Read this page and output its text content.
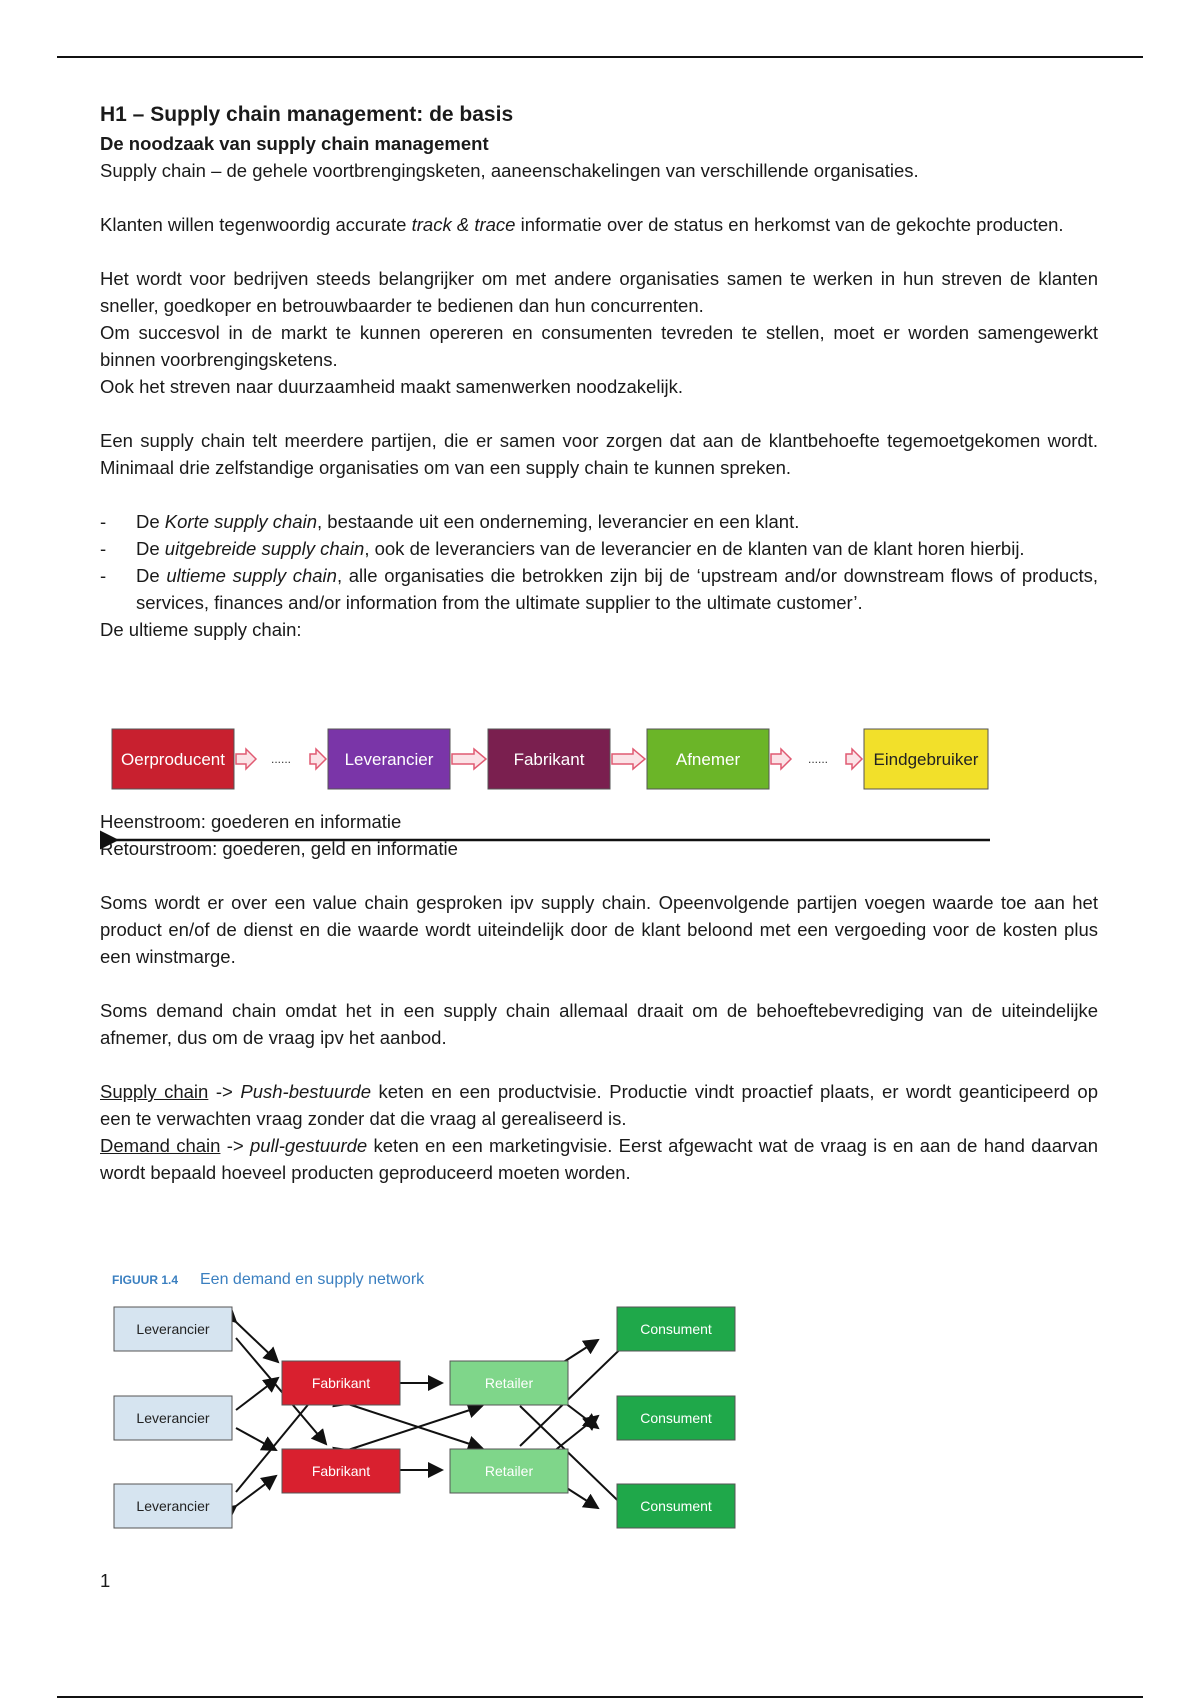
H1 – Supply chain management: de basis
De noodzaak van supply chain management

Supply chain – de gehele voortbrengingsketen, aaneenschakelingen van verschillende organisaties.

Klanten willen tegenwoordig accurate track & trace informatie over de status en herkomst van de gekochte producten.

Het wordt voor bedrijven steeds belangrijker om met andere organisaties samen te werken in hun streven de klanten sneller, goedkoper en betrouwbaarder te bedienen dan hun concurrenten.

Om succesvol in de markt te kunnen opereren en consumenten tevreden te stellen, moet er worden samengewerkt binnen voorbrengingsketens.

Ook het streven naar duurzaamheid maakt samenwerken noodzakelijk.

Een supply chain telt meerdere partijen, die er samen voor zorgen dat aan de klantbehoefte tegemoetgekomen wordt. Minimaal drie zelfstandige organisaties om van een supply chain te kunnen spreken.

- De Korte supply chain, bestaande uit een onderneming, leverancier en een klant.
- De uitgebreide supply chain, ook de leveranciers van de leverancier en de klanten van de klant horen hierbij.
- De ultieme supply chain, alle organisaties die betrokken zijn bij de ‘upstream and/or downstream flows of products, services, finances and/or information from the ultimate supplier to the ultimate customer’.

De ultieme supply chain:

Heenstroom: goederen en informatie

Retourstroom: goederen, geld en informatie

Soms wordt er over een value chain gesproken ipv supply chain. Opeenvolgende partijen voegen waarde toe aan het product en/of de dienst en die waarde wordt uiteindelijk door de klant beloond met een vergoeding voor de kosten plus een winstmarge.

Soms demand chain omdat het in een supply chain allemaal draait om de behoeftebevrediging van de uiteindelijke afnemer, dus om de vraag ipv het aanbod.

Supply chain -> Push-bestuurde keten en een productvisie. Productie vindt proactief plaats, er wordt geanticipeerd op een te verwachten vraag zonder dat die vraag al gerealiseerd is.

Demand chain -> pull-gestuurde keten en een marketingvisie. Eerst afgewacht wat de vraag is en aan de hand daarvan wordt bepaald hoeveel producten geproduceerd moeten worden.

Oerproducent	Leverancier	Fabrikant	Afnemer	Eindgebruiker
......	......
FIGUUR 1.4 Een demand en supply network
Leverancier
Leverancier
Leverancier
Fabrikant
Fabrikant
Retailer
Retailer
Consument
Consument
Consument
1
